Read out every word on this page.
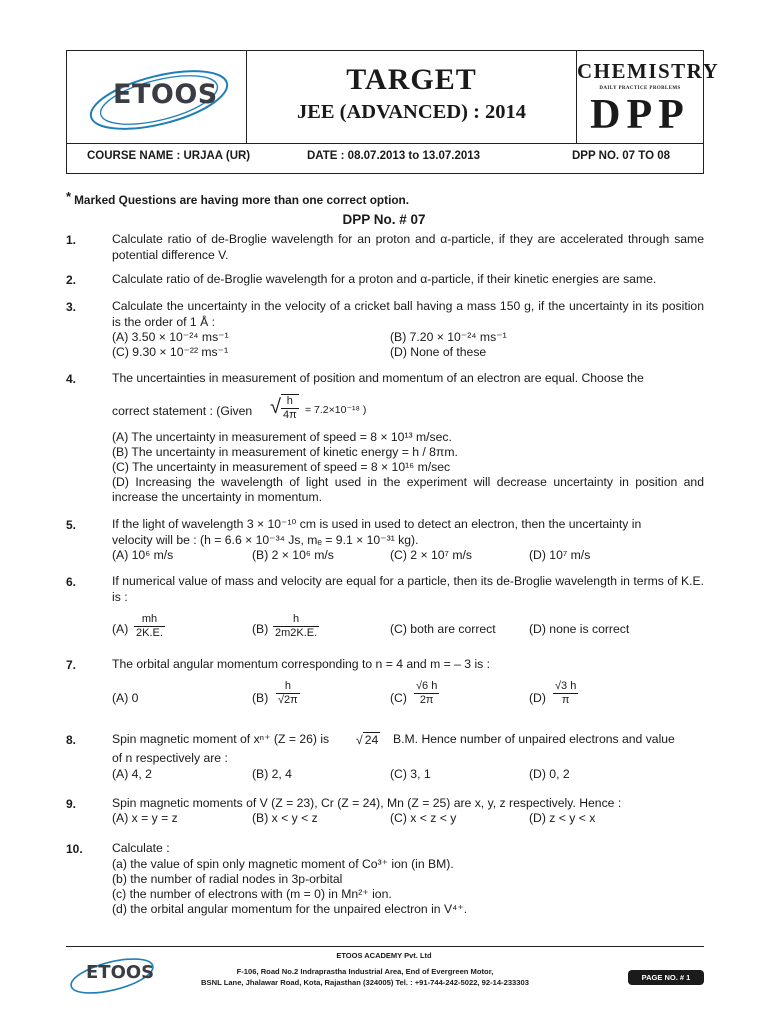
ETOOS	TARGET
JEE (ADVANCED) : 2014
CHEMISTRY
DAILY PRACTICE PROBLEMS
DPP
COURSE NAME : URJAA (UR)	DATE : 08.07.2013 to 13.07.2013	DPP NO. 07 TO 08
* Marked Questions are having more than one correct option.
DPP No. # 07
1.	Calculate ratio of de-Broglie wavelength for an proton and α-particle, if they are accelerated through same potential difference V.
2.	Calculate ratio of de-Broglie wavelength for a proton and α-particle, if their kinetic energies are same.
3.	Calculate the uncertainty in the velocity of a cricket ball having a mass 150 g, if the uncertainty in its position is the order of 1 Å :
(A) 3.50 × 10⁻²⁴ ms⁻¹	(B) 7.20 × 10⁻²⁴ ms⁻¹
(C) 9.30 × 10⁻²² ms⁻¹	(D) None of these
4.	The uncertainties in measurement of position and momentum of an electron are equal. Choose the
correct statement : (Given √ $\frac{h}{4\pi} = 7.2\times 10^{-18}$ )
(A) The uncertainty in measurement of speed = 8 × 10¹³ m/sec.
(B) The uncertainty in measurement of kinetic energy = h / 8πm.
(C) The uncertainty in measurement of speed = 8 × 10¹⁶ m/sec
(D) Increasing the wavelength of light used in the experiment will decrease uncertainty in position and increase the uncertainty in momentum.
5.	If the light of wavelength 3 × 10⁻¹⁰ cm is used in used to detect an electron, then the uncertainty in
velocity will be : (h = 6.6 × 10⁻³⁴ Js, mₑ = 9.1 × 10⁻³¹ kg).
(A) 10⁶ m/s	(B) 2 × 10⁶ m/s	(C) 2 × 10⁷ m/s	(D) 10⁷ m/s
6.	If numerical value of mass and velocity are equal for a particle, then its de-Broglie wavelength in terms of K.E. is :
$(A) \frac{mh}{2K.E.}$	$(B) \frac{h}{2m2K.E.}$	(C) both are correct	(D) none is correct
7.	The orbital angular momentum corresponding to n = 4 and m = – 3 is :
(A) 0	$(B) \frac{h}{√2\pi}$	$(C) \frac{√6 h}{2\pi}$	$(D) \frac{√3 h}{\pi}$
8.	Spin magnetic moment of xⁿ⁺ (Z = 26) is √ 24 B.M. Hence number of unpaired electrons and value
of n respectively are :
(A) 4, 2	(B) 2, 4	(C) 3, 1	(D) 0, 2
9.	Spin magnetic moments of V (Z = 23), Cr (Z = 24), Mn (Z = 25) are x, y, z respectively. Hence :
(A) x = y = z	(B) x < y < z	(C) x < z < y	(D) z < y < x
10. Calculate :
(a) the value of spin only magnetic moment of Co³⁺ ion (in BM).
(b) the number of radial nodes in 3p-orbital
(c) the number of electrons with (m = 0) in Mn²⁺ ion.
(d) the orbital angular momentum for the unpaired electron in V⁴⁺.
ETOOS ACADEMY Pvt. Ltd
ETOOS	F-106, Road No.2 Indraprastha Industrial Area, End of Evergreen Motor,
BSNL Lane, Jhalawar Road, Kota, Rajasthan (324005) Tel. : +91-744-242-5022, 92-14-233303
PAGE NO. # 1
